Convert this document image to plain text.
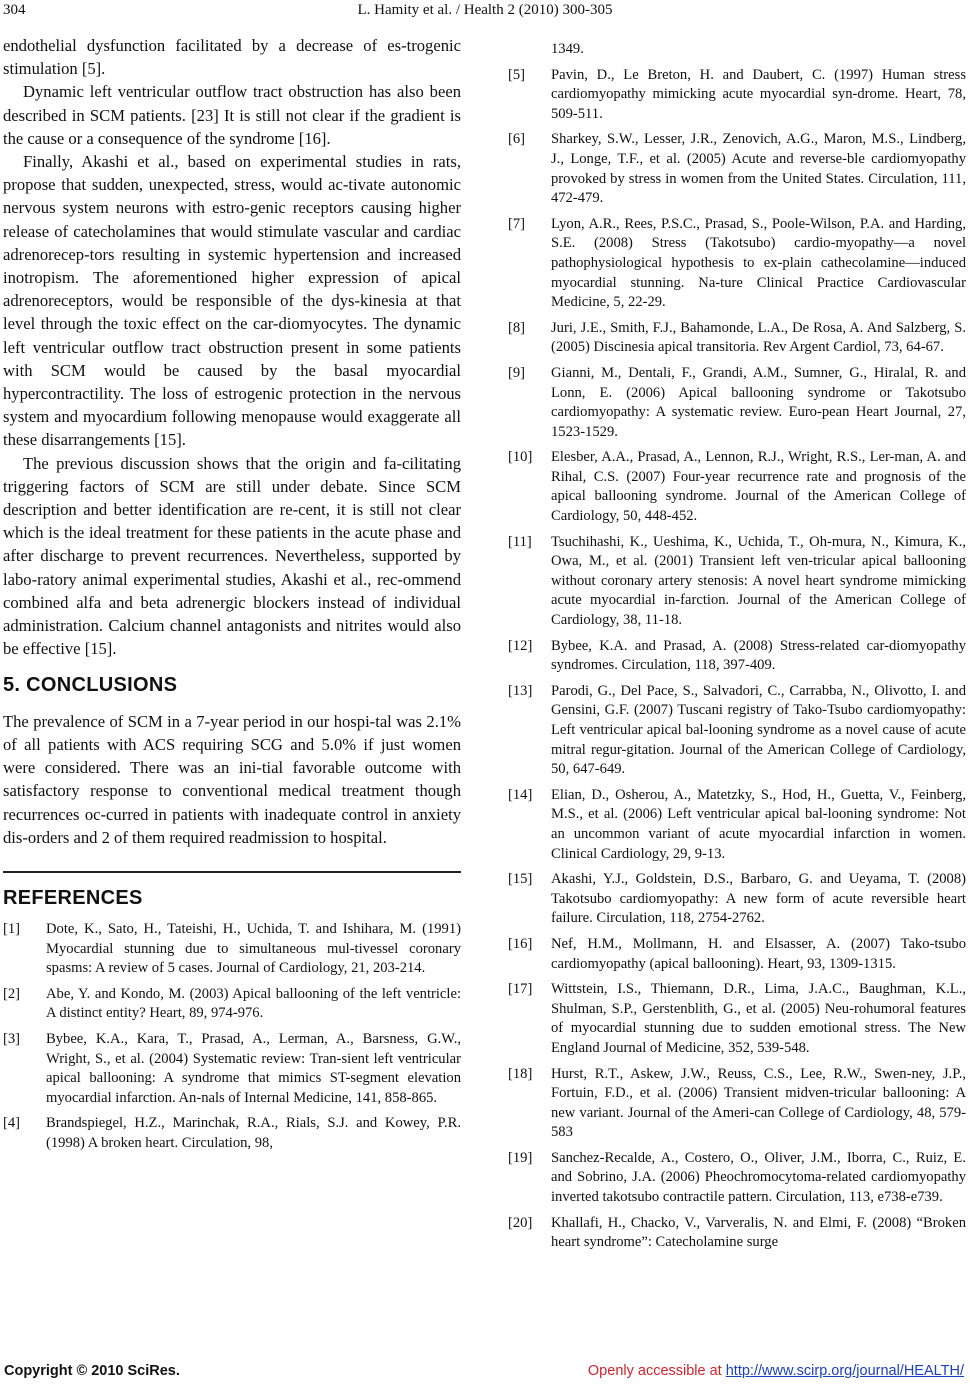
304	L. Hamity et al. / Health 2 (2010) 300-305

endothelial dysfunction facilitated by a decrease of es-trogenic stimulation [5].

Dynamic left ventricular outflow tract obstruction has also been described in SCM patients. [23] It is still not clear if the gradient is the cause or a consequence of the syndrome [16].

Finally, Akashi et al., based on experimental studies in rats, propose that sudden, unexpected, stress, would ac-tivate autonomic nervous system neurons with estro-genic receptors causing higher release of catecholamines that would stimulate vascular and cardiac adrenorecep-tors resulting in systemic hypertension and increased inotropism. The aforementioned higher expression of apical adrenoreceptors, would be responsible of the dys-kinesia at that level through the toxic effect on the car-diomyocytes. The dynamic left ventricular outflow tract obstruction present in some patients with SCM would be caused by the basal myocardial hypercontractility. The loss of estrogenic protection in the nervous system and myocardium following menopause would exaggerate all these disarrangements [15].

The previous discussion shows that the origin and fa-cilitating triggering factors of SCM are still under debate. Since SCM description and better identification are re-cent, it is still not clear which is the ideal treatment for these patients in the acute phase and after discharge to prevent recurrences. Nevertheless, supported by labo-ratory animal experimental studies, Akashi et al., rec-ommend combined alfa and beta adrenergic blockers instead of individual administration. Calcium channel antagonists and nitrites would also be effective [15].

5. CONCLUSIONS

The prevalence of SCM in a 7-year period in our hospi-tal was 2.1% of all patients with ACS requiring SCG and 5.0% if just women were considered. There was an ini-tial favorable outcome with satisfactory response to conventional medical treatment though recurrences oc-curred in patients with inadequate control in anxiety dis-orders and 2 of them required readmission to hospital.

REFERENCES
[1] Dote, K., Sato, H., Tateishi, H., Uchida, T. and Ishihara, M. (1991) Myocardial stunning due to simultaneous mul-tivessel coronary spasms: A review of 5 cases. Journal of Cardiology, 21, 203-214.
[2] Abe, Y. and Kondo, M. (2003) Apical ballooning of the left ventricle: A distinct entity? Heart, 89, 974-976.
[3] Bybee, K.A., Kara, T., Prasad, A., Lerman, A., Barsness, G.W., Wright, S., et al. (2004) Systematic review: Tran-sient left ventricular apical ballooning: A syndrome that mimics ST-segment elevation myocardial infarction. An-nals of Internal Medicine, 141, 858-865.
[4] Brandspiegel, H.Z., Marinchak, R.A., Rials, S.J. and Kowey, P.R. (1998) A broken heart. Circulation, 98,
1349.
[5] Pavin, D., Le Breton, H. and Daubert, C. (1997) Human stress cardiomyopathy mimicking acute myocardial syn-drome. Heart, 78, 509-511.
[6] Sharkey, S.W., Lesser, J.R., Zenovich, A.G., Maron, M.S., Lindberg, J., Longe, T.F., et al. (2005) Acute and reverse-ble cardiomyopathy provoked by stress in women from the United States. Circulation, 111, 472-479.
[7] Lyon, A.R., Rees, P.S.C., Prasad, S., Poole-Wilson, P.A. and Harding, S.E. (2008) Stress (Takotsubo) cardio-myopathy—a novel pathophysiological hypothesis to ex-plain cathecolamine—induced myocardial stunning. Na-ture Clinical Practice Cardiovascular Medicine, 5, 22-29.
[8] Juri, J.E., Smith, F.J., Bahamonde, L.A., De Rosa, A. And Salzberg, S. (2005) Discinesia apical transitoria. Rev Argent Cardiol, 73, 64-67.
[9] Gianni, M., Dentali, F., Grandi, A.M., Sumner, G., Hiralal, R. and Lonn, E. (2006) Apical ballooning syndrome or Takotsubo cardiomyopathy: A systematic review. Euro-pean Heart Journal, 27, 1523-1529.
[10] Elesber, A.A., Prasad, A., Lennon, R.J., Wright, R.S., Ler-man, A. and Rihal, C.S. (2007) Four-year recurrence rate and prognosis of the apical ballooning syndrome. Journal of the American College of Cardiology, 50, 448-452.
[11] Tsuchihashi, K., Ueshima, K., Uchida, T., Oh-mura, N., Kimura, K., Owa, M., et al. (2001) Transient left ven-tricular apical ballooning without coronary artery stenosis: A novel heart syndrome mimicking acute myocardial in-farction. Journal of the American College of Cardiology, 38, 11-18.
[12] Bybee, K.A. and Prasad, A. (2008) Stress-related car-diomyopathy syndromes. Circulation, 118, 397-409.
[13] Parodi, G., Del Pace, S., Salvadori, C., Carrabba, N., Olivotto, I. and Gensini, G.F. (2007) Tuscani registry of Tako-Tsubo cardiomyopathy: Left ventricular apical bal-looning syndrome as a novel cause of acute mitral regur-gitation. Journal of the American College of Cardiology, 50, 647-649.
[14] Elian, D., Osherou, A., Matetzky, S., Hod, H., Guetta, V., Feinberg, M.S., et al. (2006) Left ventricular apical bal-looning syndrome: Not an uncommon variant of acute myocardial infarction in women. Clinical Cardiology, 29, 9-13.
[15] Akashi, Y.J., Goldstein, D.S., Barbaro, G. and Ueyama, T. (2008) Takotsubo cardiomyopathy: A new form of acute reversible heart failure. Circulation, 118, 2754-2762.
[16] Nef, H.M., Mollmann, H. and Elsasser, A. (2007) Tako-tsubo cardiomyopathy (apical ballooning). Heart, 93, 1309-1315.
[17] Wittstein, I.S., Thiemann, D.R., Lima, J.A.C., Baughman, K.L., Shulman, S.P., Gerstenblith, G., et al. (2005) Neu-rohumoral features of myocardial stunning due to sudden emotional stress. The New England Journal of Medicine, 352, 539-548.
[18] Hurst, R.T., Askew, J.W., Reuss, C.S., Lee, R.W., Swen-ney, J.P., Fortuin, F.D., et al. (2006) Transient midven-tricular ballooning: A new variant. Journal of the Ameri-can College of Cardiology, 48, 579-583
[19] Sanchez-Recalde, A., Costero, O., Oliver, J.M., Iborra, C., Ruiz, E. and Sobrino, J.A. (2006) Pheochromocytoma-related cardiomyopathy inverted takotsubo contractile pattern. Circulation, 113, e738-e739.
[20] Khallafi, H., Chacko, V., Varveralis, N. and Elmi, F. (2008) “Broken heart syndrome”: Catecholamine surge
Copyright © 2010 SciRes.	Openly accessible at http://www.scirp.org/journal/HEALTH/
